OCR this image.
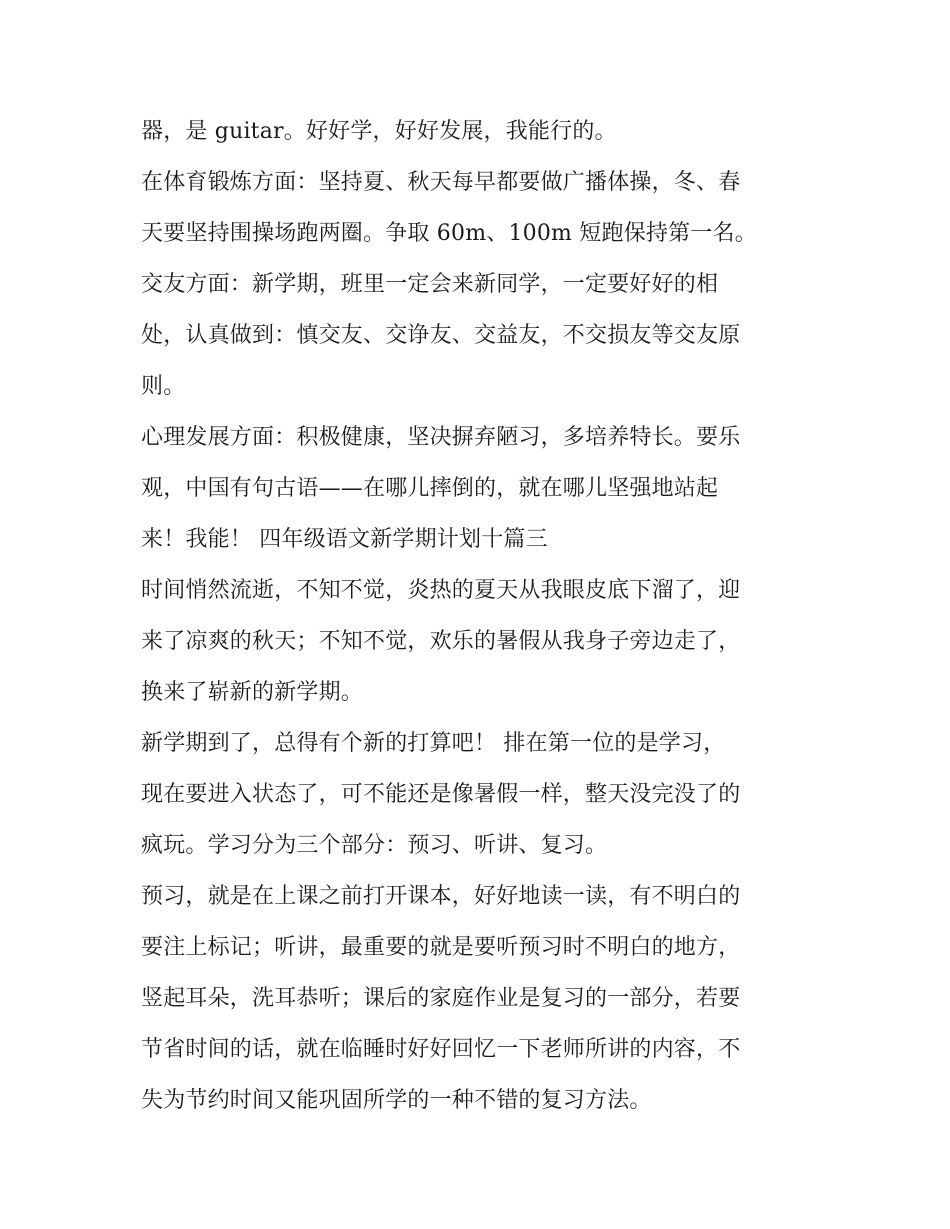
器，是 guitar。好好学，好好发展，我能行的。
在体育锻炼方面：坚持夏、秋天每早都要做广播体操，冬、春
天要坚持围操场跑两圈。争取 60m、100m 短跑保持第一名。
交友方面：新学期，班里一定会来新同学，一定要好好的相
处，认真做到：慎交友、交诤友、交益友，不交损友等交友原
则。
心理发展方面：积极健康，坚决摒弃陋习，多培养特长。要乐
观，中国有句古语——在哪儿摔倒的，就在哪儿坚强地站起
来！我能！ 四年级语文新学期计划十篇三
时间悄然流逝，不知不觉，炎热的夏天从我眼皮底下溜了，迎
来了凉爽的秋天；不知不觉，欢乐的暑假从我身子旁边走了，
换来了崭新的新学期。
新学期到了，总得有个新的打算吧！ 排在第一位的是学习，
现在要进入状态了，可不能还是像暑假一样，整天没完没了的
疯玩。学习分为三个部分：预习、听讲、复习。
预习，就是在上课之前打开课本，好好地读一读，有不明白的
要注上标记；听讲，最重要的就是要听预习时不明白的地方，
竖起耳朵，洗耳恭听；课后的家庭作业是复习的一部分，若要
节省时间的话，就在临睡时好好回忆一下老师所讲的内容，不
失为节约时间又能巩固所学的一种不错的复习方法。
